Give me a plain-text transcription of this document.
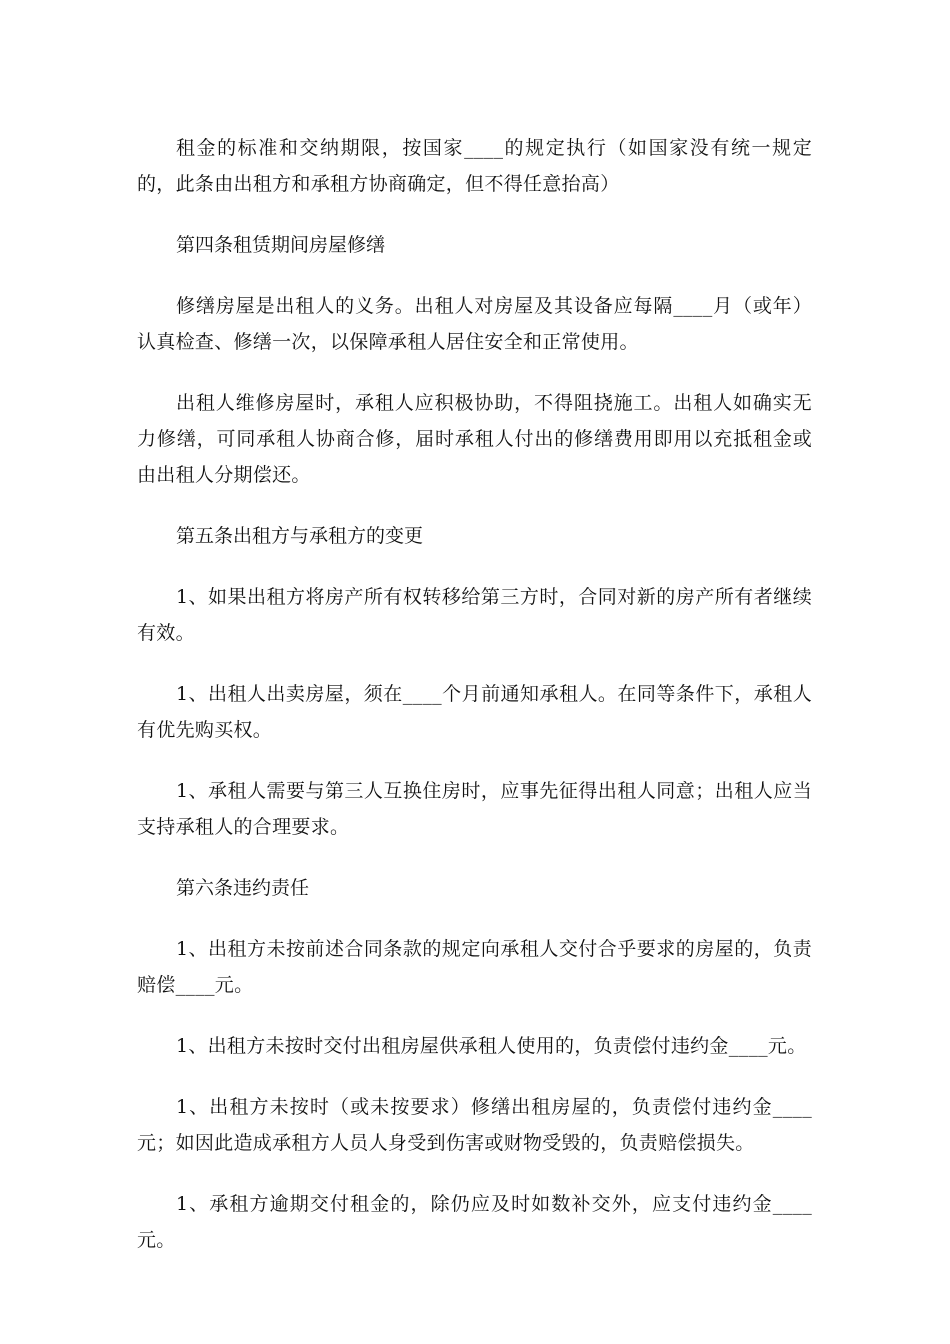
租金的标准和交纳期限，按国家____的规定执行（如国家没有统一规定的，此条由出租方和承租方协商确定，但不得任意抬高）

第四条租赁期间房屋修缮

修缮房屋是出租人的义务。出租人对房屋及其设备应每隔____月（或年）认真检查、修缮一次，以保障承租人居住安全和正常使用。

出租人维修房屋时，承租人应积极协助，不得阻挠施工。出租人如确实无力修缮，可同承租人协商合修，届时承租人付出的修缮费用即用以充抵租金或由出租人分期偿还。

第五条出租方与承租方的变更

1、如果出租方将房产所有权转移给第三方时，合同对新的房产所有者继续有效。

1、出租人出卖房屋，须在____个月前通知承租人。在同等条件下，承租人有优先购买权。

1、承租人需要与第三人互换住房时，应事先征得出租人同意；出租人应当支持承租人的合理要求。

第六条违约责任

1、出租方未按前述合同条款的规定向承租人交付合乎要求的房屋的，负责赔偿____元。

1、出租方未按时交付出租房屋供承租人使用的，负责偿付违约金____元。

1、出租方未按时（或未按要求）修缮出租房屋的，负责偿付违约金____元；如因此造成承租方人员人身受到伤害或财物受毁的，负责赔偿损失。

1、承租方逾期交付租金的，除仍应及时如数补交外，应支付违约金____元。
